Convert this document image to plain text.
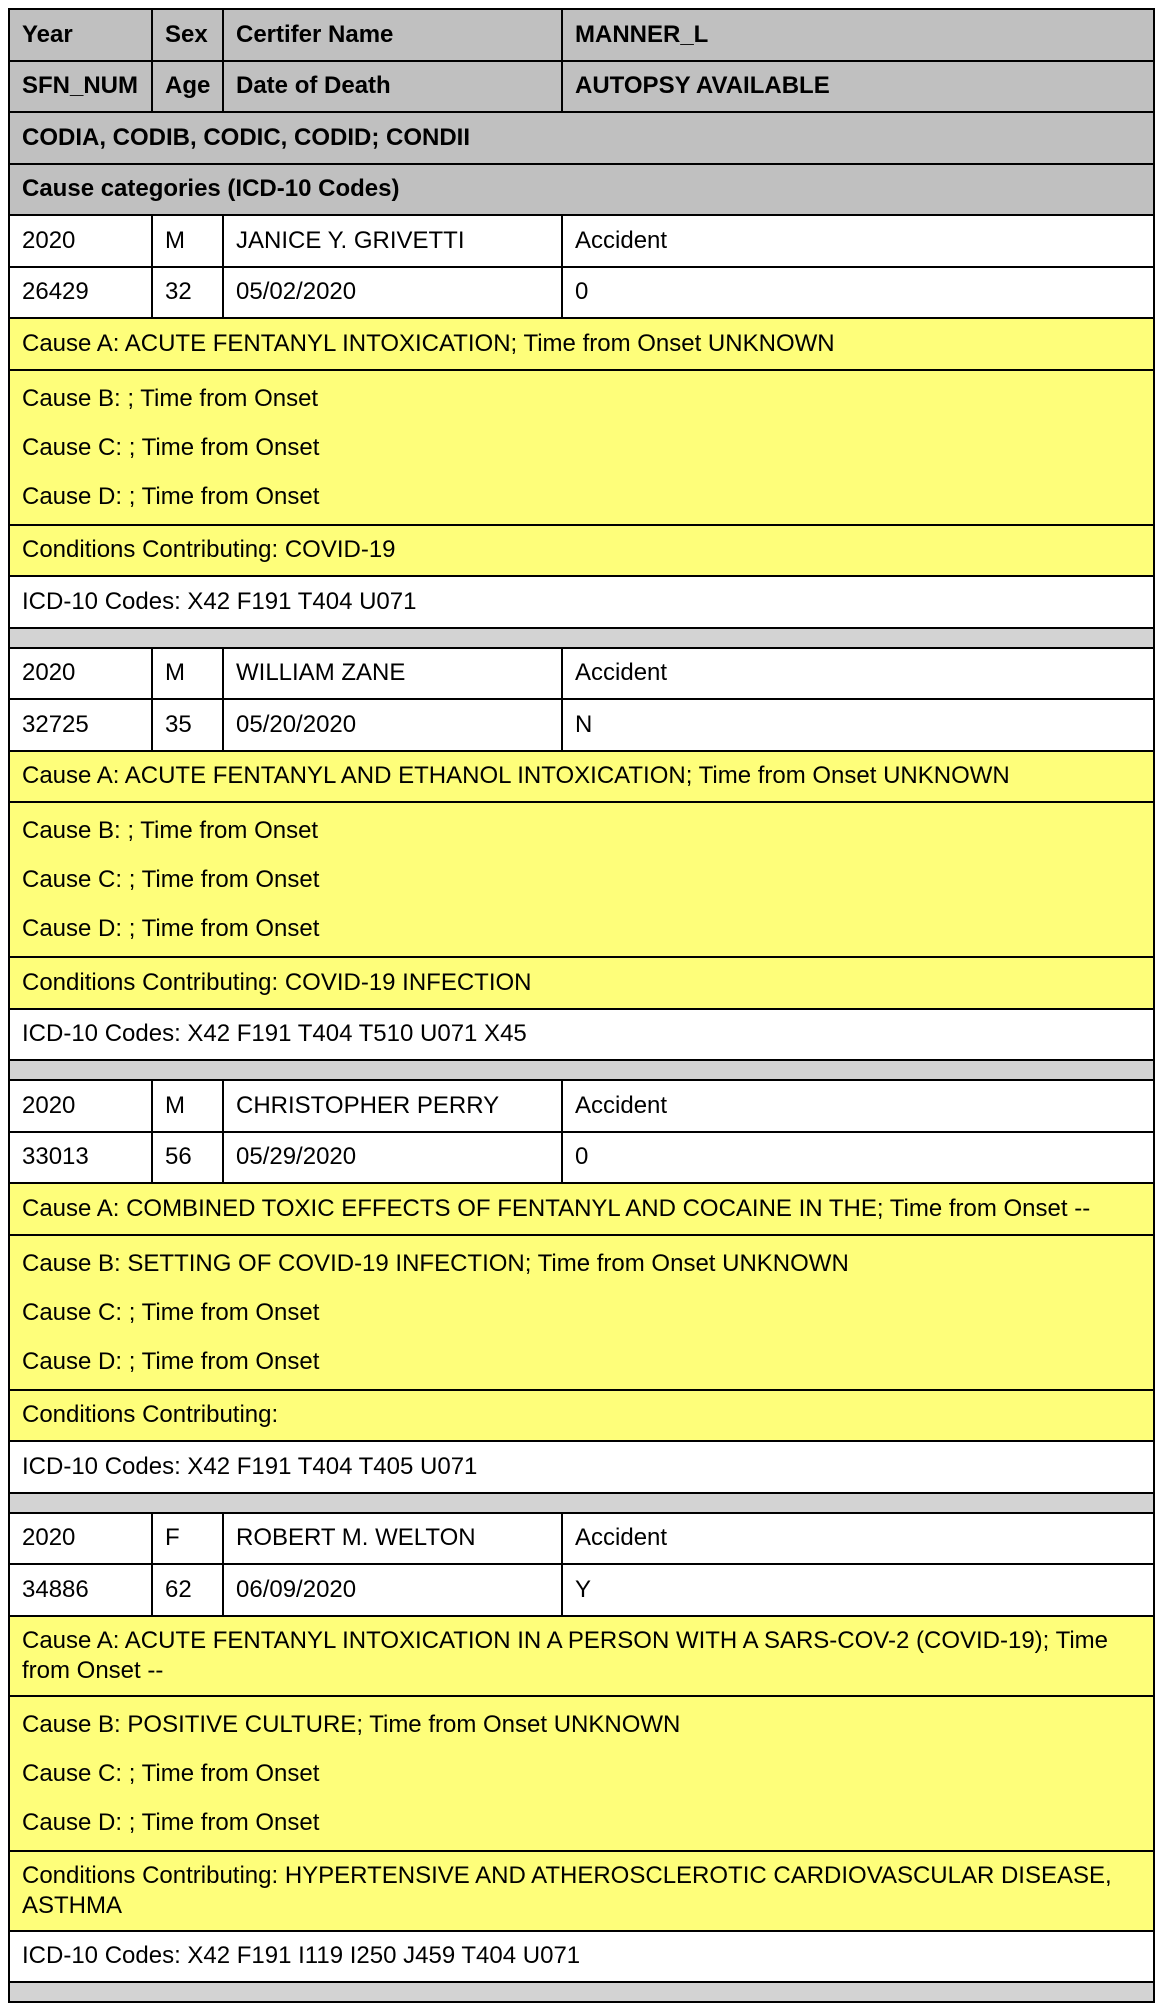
Year	Sex	Certifer Name	MANNER_L
SFN_NUM	Age	Date of Death	AUTOPSY AVAILABLE
CODIA, CODIB, CODIC, CODID; CONDII			
Cause categories (ICD-10 Codes)			
2020	M	JANICE Y. GRIVETTI	Accident
26429	32	05/02/2020	0
Cause A: ACUTE FENTANYL INTOXICATION; Time from Onset UNKNOWN			

Cause B: ; Time from Onset
Cause C: ; Time from Onset
Cause D: ; Time from Onset			

Conditions Contributing: COVID-19			
ICD-10 Codes: X42 F191 T404 U071			

2020	M	WILLIAM ZANE	Accident
32725	35	05/20/2020	N
Cause A: ACUTE FENTANYL AND ETHANOL INTOXICATION; Time from Onset UNKNOWN			

Cause B: ; Time from Onset
Cause C: ; Time from Onset
Cause D: ; Time from Onset			

Conditions Contributing: COVID-19 INFECTION			
ICD-10 Codes: X42 F191 T404 T510 U071 X45			

2020	M	CHRISTOPHER PERRY	Accident
33013	56	05/29/2020	0
Cause A: COMBINED TOXIC EFFECTS OF FENTANYL AND COCAINE IN THE; Time from Onset --			

Cause B: SETTING OF COVID-19 INFECTION; Time from Onset UNKNOWN
Cause C: ; Time from Onset
Cause D: ; Time from Onset			

Conditions Contributing:			
ICD-10 Codes: X42 F191 T404 T405 U071			

2020	F	ROBERT M. WELTON	Accident
34886	62	06/09/2020	Y
Cause A: ACUTE FENTANYL INTOXICATION IN A PERSON WITH A SARS-COV-2 (COVID-19); Time from Onset --			

Cause B: POSITIVE CULTURE; Time from Onset UNKNOWN
Cause C: ; Time from Onset
Cause D: ; Time from Onset			

Conditions Contributing: HYPERTENSIVE AND ATHEROSCLEROTIC CARDIOVASCULAR DISEASE, ASTHMA			
ICD-10 Codes: X42 F191 I119 I250 J459 T404 U071			
